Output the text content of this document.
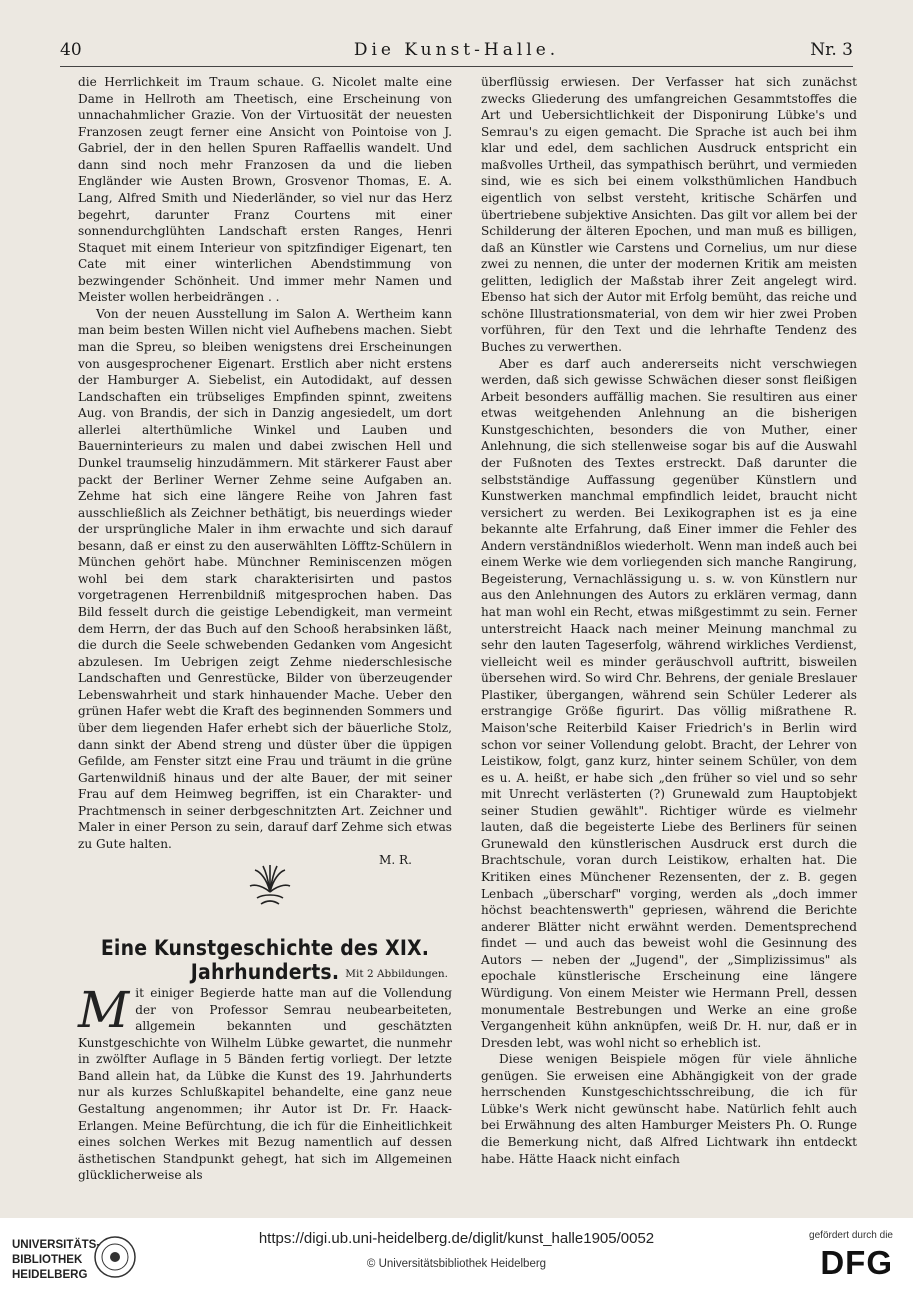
40	Die Kunst-Halle.	Nr. 3

die Herrlichkeit im Traum schaue. G. Nicolet malte eine Dame in Hellroth am Theetisch, eine Erscheinung von unnachahmlicher Grazie. Von der Virtuosität der neuesten Franzosen zeugt ferner eine Ansicht von Pointoise von J. Gabriel, der in den hellen Spuren Raffaellis wandelt. Und dann sind noch mehr Franzosen da und die lieben Engländer wie Austen Brown, Grosvenor Thomas, E. A. Lang, Alfred Smith und Niederländer, so viel nur das Herz begehrt, darunter Franz Courtens mit einer sonnendurchglühten Landschaft ersten Ranges, Henri Staquet mit einem Interieur von spitzfindiger Eigenart, ten Cate mit einer winterlichen Abendstimmung von bezwingender Schönheit. Und immer mehr Namen und Meister wollen herbeidrängen . .

Von der neuen Ausstellung im Salon A. Wertheim kann man beim besten Willen nicht viel Aufhebens machen. Siebt man die Spreu, so bleiben wenigstens drei Erscheinungen von ausgesprochener Eigenart. Erstlich aber nicht erstens der Hamburger A. Siebelist, ein Autodidakt, auf dessen Landschaften ein trübseliges Empfinden spinnt, zweitens Aug. von Brandis, der sich in Danzig angesiedelt, um dort allerlei alterthümliche Winkel und Lauben und Bauerninterieurs zu malen und dabei zwischen Hell und Dunkel traumselig hinzudämmern. Mit stärkerer Faust aber packt der Berliner Werner Zehme seine Aufgaben an. Zehme hat sich eine längere Reihe von Jahren fast ausschließlich als Zeichner bethätigt, bis neuerdings wieder der ursprüngliche Maler in ihm erwachte und sich darauf besann, daß er einst zu den auserwählten Löfftz-Schülern in München gehört habe. Münchner Reminiscenzen mögen wohl bei dem stark charakterisirten und pastos vorgetragenen Herrenbildniß mitgesprochen haben. Das Bild fesselt durch die geistige Lebendigkeit, man vermeint dem Herrn, der das Buch auf den Schooß herabsinken läßt, die durch die Seele schwebenden Gedanken vom Angesicht abzulesen. Im Uebrigen zeigt Zehme niederschlesische Landschaften und Genrestücke, Bilder von überzeugender Lebenswahrheit und stark hinhauender Mache. Ueber den grünen Hafer webt die Kraft des beginnenden Sommers und über dem liegenden Hafer erhebt sich der bäuerliche Stolz, dann sinkt der Abend streng und düster über die üppigen Gefilde, am Fenster sitzt eine Frau und träumt in die grüne Gartenwildniß hinaus und der alte Bauer, der mit seiner Frau auf dem Heimweg begriffen, ist ein Charakter- und Prachtmensch in seiner derbgeschnitzten Art. Zeichner und Maler in einer Person zu sein, darauf darf Zehme sich etwas zu Gute halten.

M. R.

Eine Kunstgeschichte des XIX. Jahrhunderts. Mit 2 Abbildungen.
M it einiger Begierde hatte man auf die Vollendung der von Professor Semrau neubearbeiteten, allgemein bekannten und geschätzten Kunstgeschichte von Wilhelm Lübke gewartet, die nunmehr in zwölfter Auflage in 5 Bänden fertig vorliegt. Der letzte Band allein hat, da Lübke die Kunst des 19. Jahrhunderts nur als kurzes Schlußkapitel behandelte, eine ganz neue Gestaltung angenommen; ihr Autor ist Dr. Fr. Haack-Erlangen. Meine Befürchtung, die ich für die Einheitlichkeit eines solchen Werkes mit Bezug namentlich auf dessen ästhetischen Standpunkt gehegt, hat sich im Allgemeinen glücklicherweise als

überflüssig erwiesen. Der Verfasser hat sich zunächst zwecks Gliederung des umfangreichen Gesammtstoffes die Art und Uebersichtlichkeit der Disponirung Lübke's und Semrau's zu eigen gemacht. Die Sprache ist auch bei ihm klar und edel, dem sachlichen Ausdruck entspricht ein maßvolles Urtheil, das sympathisch berührt, und vermieden sind, wie es sich bei einem volksthümlichen Handbuch eigentlich von selbst versteht, kritische Schärfen und übertriebene subjektive Ansichten. Das gilt vor allem bei der Schilderung der älteren Epochen, und man muß es billigen, daß an Künstler wie Carstens und Cornelius, um nur diese zwei zu nennen, die unter der modernen Kritik am meisten gelitten, lediglich der Maßstab ihrer Zeit angelegt wird. Ebenso hat sich der Autor mit Erfolg bemüht, das reiche und schöne Illustrationsmaterial, von dem wir hier zwei Proben vorführen, für den Text und die lehrhafte Tendenz des Buches zu verwerthen.

Aber es darf auch andererseits nicht verschwiegen werden, daß sich gewisse Schwächen dieser sonst fleißigen Arbeit besonders auffällig machen. Sie resultiren aus einer etwas weitgehenden Anlehnung an die bisherigen Kunstgeschichten, besonders die von Muther, einer Anlehnung, die sich stellenweise sogar bis auf die Auswahl der Fußnoten des Textes erstreckt. Daß darunter die selbstständige Auffassung gegenüber Künstlern und Kunstwerken manchmal empfindlich leidet, braucht nicht versichert zu werden. Bei Lexikographen ist es ja eine bekannte alte Erfahrung, daß Einer immer die Fehler des Andern verständnißlos wiederholt. Wenn man indeß auch bei einem Werke wie dem vorliegenden sich manche Rangirung, Begeisterung, Vernachlässigung u. s. w. von Künstlern nur aus den Anlehnungen des Autors zu erklären vermag, dann hat man wohl ein Recht, etwas mißgestimmt zu sein. Ferner unterstreicht Haack nach meiner Meinung manchmal zu sehr den lauten Tageserfolg, während wirkliches Verdienst, vielleicht weil es minder geräuschvoll auftritt, bisweilen übersehen wird. So wird Chr. Behrens, der geniale Breslauer Plastiker, übergangen, während sein Schüler Lederer als erstrangige Größe figurirt. Das völlig mißrathene R. Maison'sche Reiterbild Kaiser Friedrich's in Berlin wird schon vor seiner Vollendung gelobt. Bracht, der Lehrer von Leistikow, folgt, ganz kurz, hinter seinem Schüler, von dem es u. A. heißt, er habe sich „den früher so viel und so sehr mit Unrecht verlästerten (?) Grunewald zum Hauptobjekt seiner Studien gewählt". Richtiger würde es vielmehr lauten, daß die begeisterte Liebe des Berliners für seinen Grunewald den künstlerischen Ausdruck erst durch die Brachtschule, voran durch Leistikow, erhalten hat. Die Kritiken eines Münchener Rezensenten, der z. B. gegen Lenbach „überscharf" vorging, werden als „doch immer höchst beachtenswerth" gepriesen, während die Berichte anderer Blätter nicht erwähnt werden. Dementsprechend findet — und auch das beweist wohl die Gesinnung des Autors — neben der „Jugend", der „Simplizissimus" als epochale künstlerische Erscheinung eine längere Würdigung. Von einem Meister wie Hermann Prell, dessen monumentale Bestrebungen und Werke an eine große Vergangenheit kühn anknüpfen, weiß Dr. H. nur, daß er in Dresden lebt, was wohl nicht so erheblich ist.

Diese wenigen Beispiele mögen für viele ähnliche genügen. Sie erweisen eine Abhängigkeit von der grade herrschenden Kunstgeschichtsschreibung, die ich für Lübke's Werk nicht gewünscht habe. Natürlich fehlt auch bei Erwähnung des alten Hamburger Meisters Ph. O. Runge die Bemerkung nicht, daß Alfred Lichtwark ihn entdeckt habe. Hätte Haack nicht einfach

UNIVERSITÄTS-
BIBLIOTHEK
HEIDELBERG
https://digi.ub.uni-heidelberg.de/diglit/kunst_halle1905/0052
© Universitätsbibliothek Heidelberg
gefördert durch die
DFG
